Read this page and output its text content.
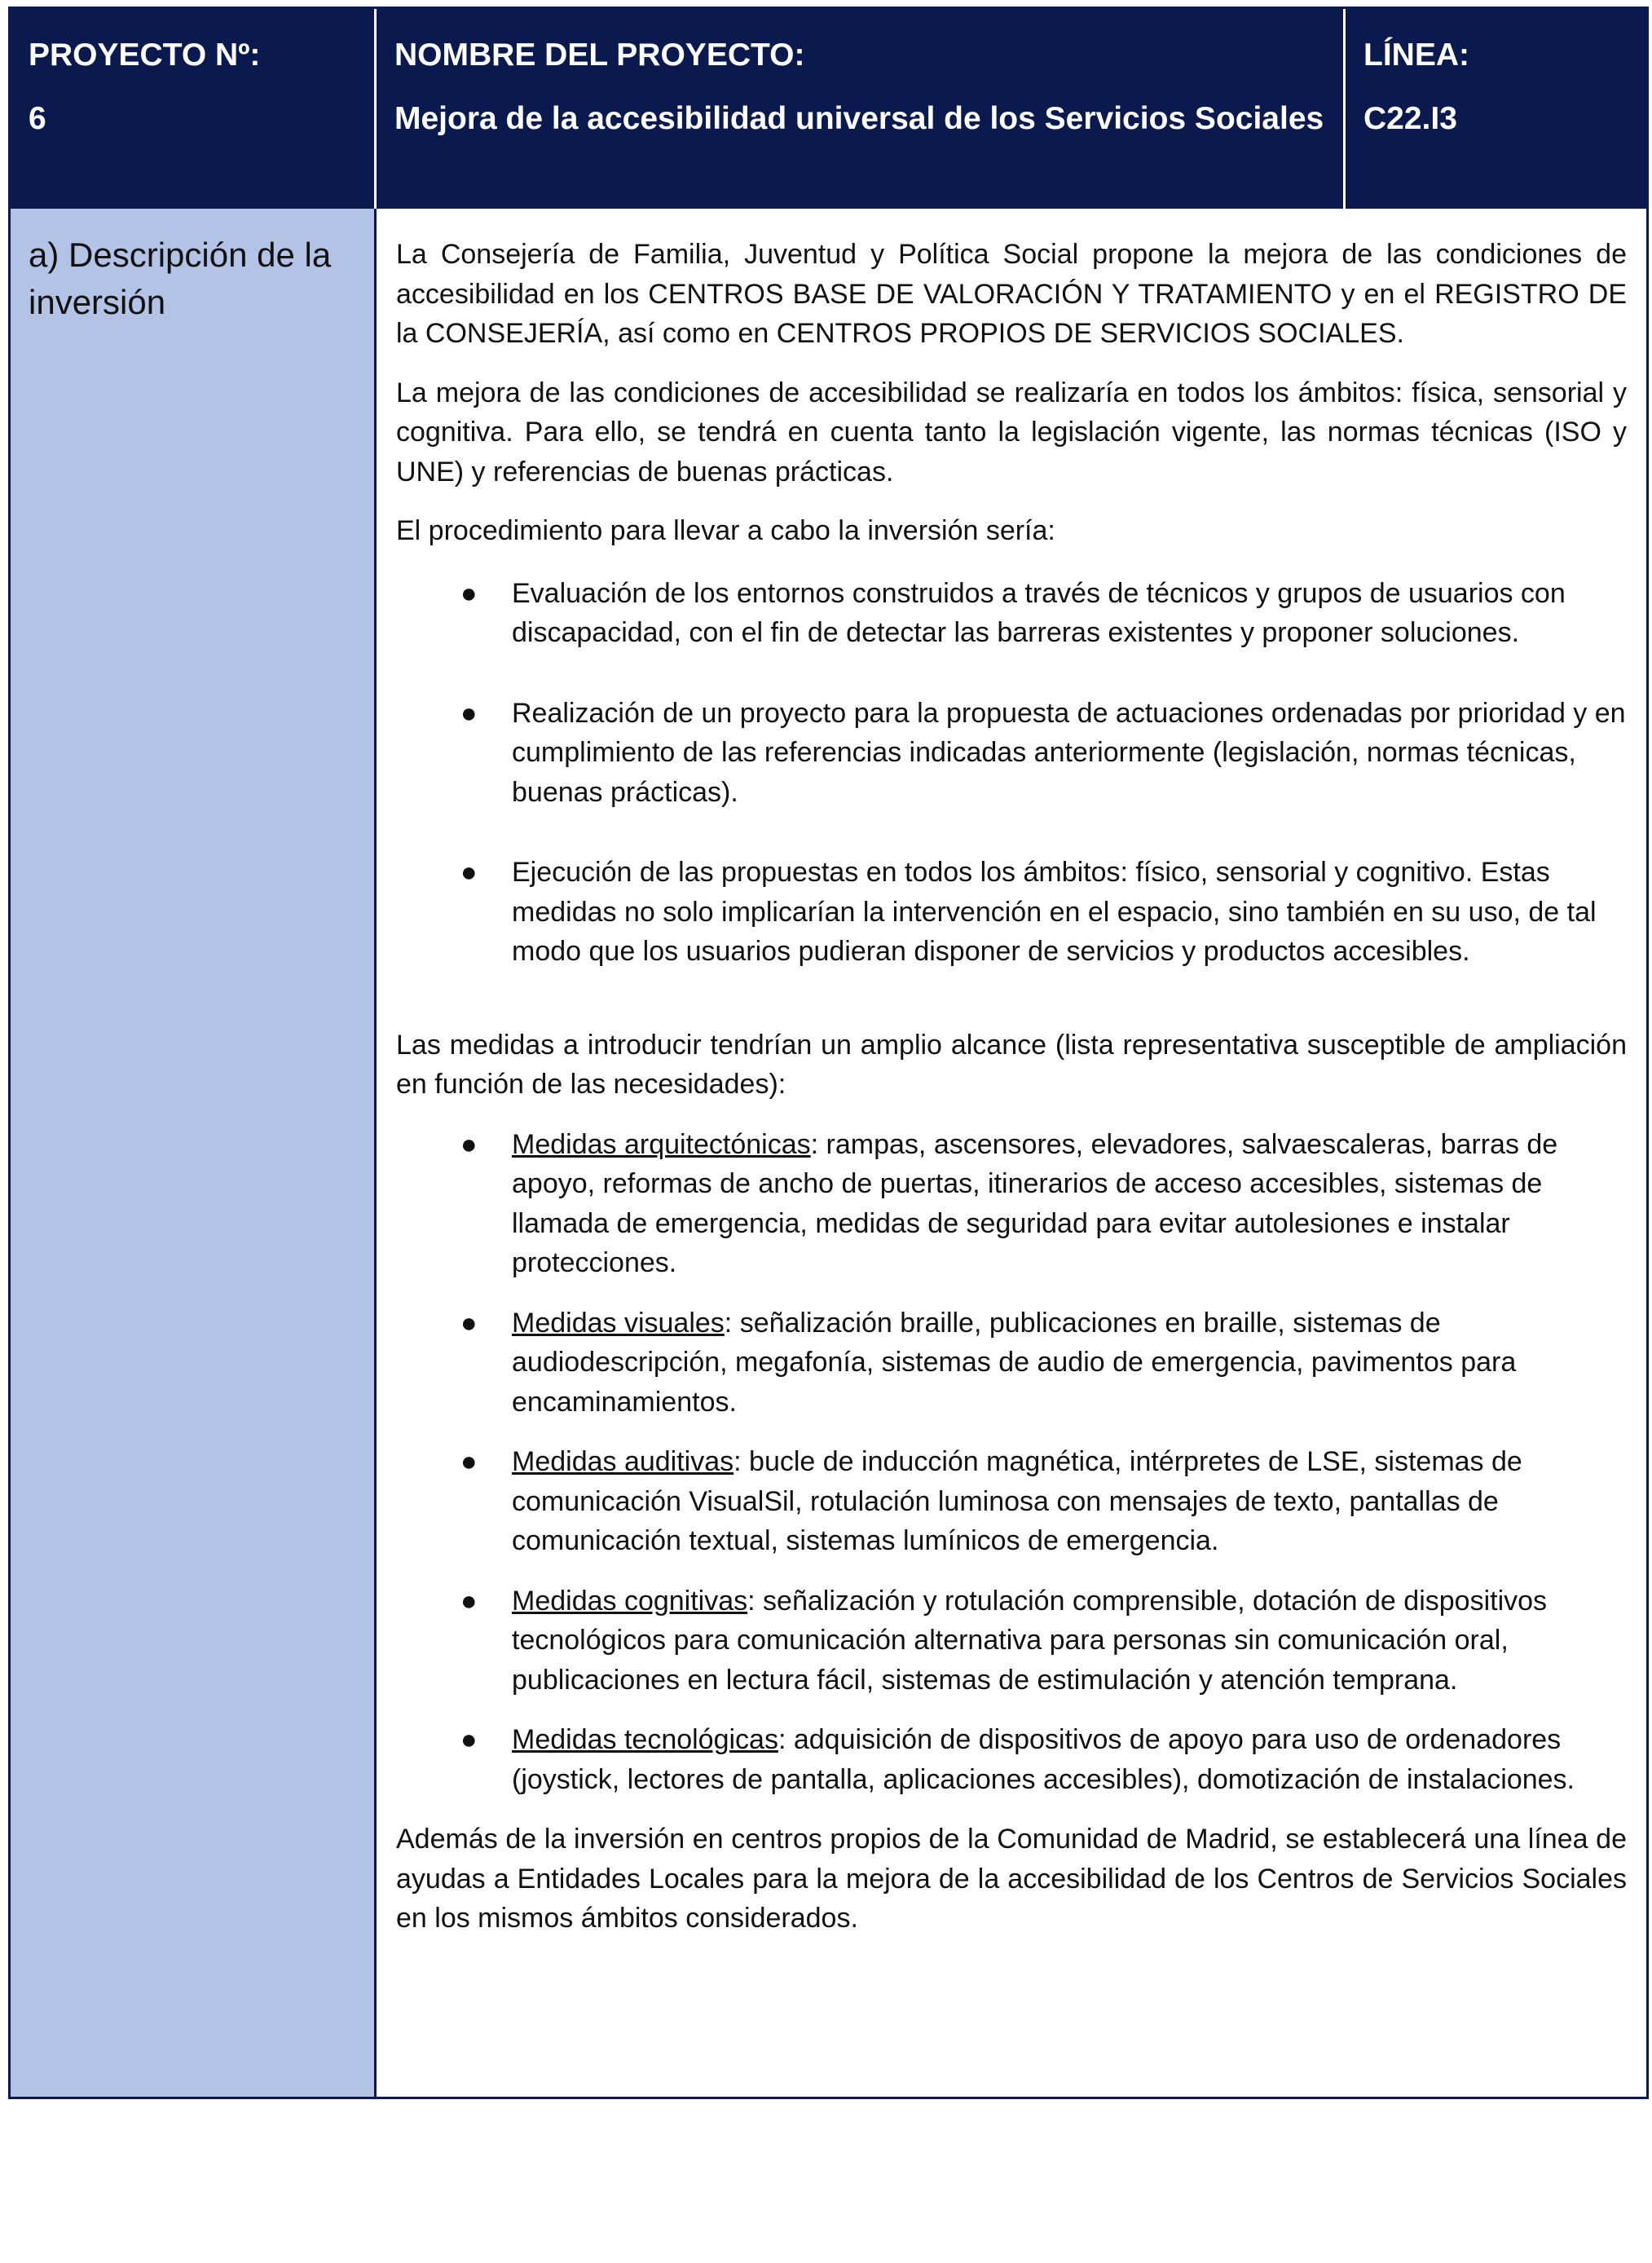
PROYECTO Nº:
6
NOMBRE DEL PROYECTO:
Mejora de la accesibilidad universal de los Servicios Sociales
LÍNEA:
C22.I3
a) Descripción de la inversión

La Consejería de Familia, Juventud y Política Social propone la mejora de las condiciones de accesibilidad en los CENTROS BASE DE VALORACIÓN Y TRATAMIENTO y en el REGISTRO DE la CONSEJERÍA, así como en CENTROS PROPIOS DE SERVICIOS SOCIALES.

La mejora de las condiciones de accesibilidad se realizaría en todos los ámbitos: física, sensorial y cognitiva. Para ello, se tendrá en cuenta tanto la legislación vigente, las normas técnicas (ISO y UNE) y referencias de buenas prácticas.

El procedimiento para llevar a cabo la inversión sería:

● Evaluación de los entornos construidos a través de técnicos y grupos de usuarios con discapacidad, con el fin de detectar las barreras existentes y proponer soluciones.
● Realización de un proyecto para la propuesta de actuaciones ordenadas por prioridad y en cumplimiento de las referencias indicadas anteriormente (legislación, normas técnicas, buenas prácticas).
● Ejecución de las propuestas en todos los ámbitos: físico, sensorial y cognitivo. Estas medidas no solo implicarían la intervención en el espacio, sino también en su uso, de tal modo que los usuarios pudieran disponer de servicios y productos accesibles.

Las medidas a introducir tendrían un amplio alcance (lista representativa susceptible de ampliación en función de las necesidades):

● Medidas arquitectónicas: rampas, ascensores, elevadores, salvaescaleras, barras de apoyo, reformas de ancho de puertas, itinerarios de acceso accesibles, sistemas de llamada de emergencia, medidas de seguridad para evitar autolesiones e instalar protecciones.
● Medidas visuales: señalización braille, publicaciones en braille, sistemas de audiodescripción, megafonía, sistemas de audio de emergencia, pavimentos para encaminamientos.
● Medidas auditivas: bucle de inducción magnética, intérpretes de LSE, sistemas de comunicación VisualSil, rotulación luminosa con mensajes de texto, pantallas de comunicación textual, sistemas lumínicos de emergencia.
● Medidas cognitivas: señalización y rotulación comprensible, dotación de dispositivos tecnológicos para comunicación alternativa para personas sin comunicación oral, publicaciones en lectura fácil, sistemas de estimulación y atención temprana.
● Medidas tecnológicas: adquisición de dispositivos de apoyo para uso de ordenadores (joystick, lectores de pantalla, aplicaciones accesibles), domotización de instalaciones.

Además de la inversión en centros propios de la Comunidad de Madrid, se establecerá una línea de ayudas a Entidades Locales para la mejora de la accesibilidad de los Centros de Servicios Sociales en los mismos ámbitos considerados.
